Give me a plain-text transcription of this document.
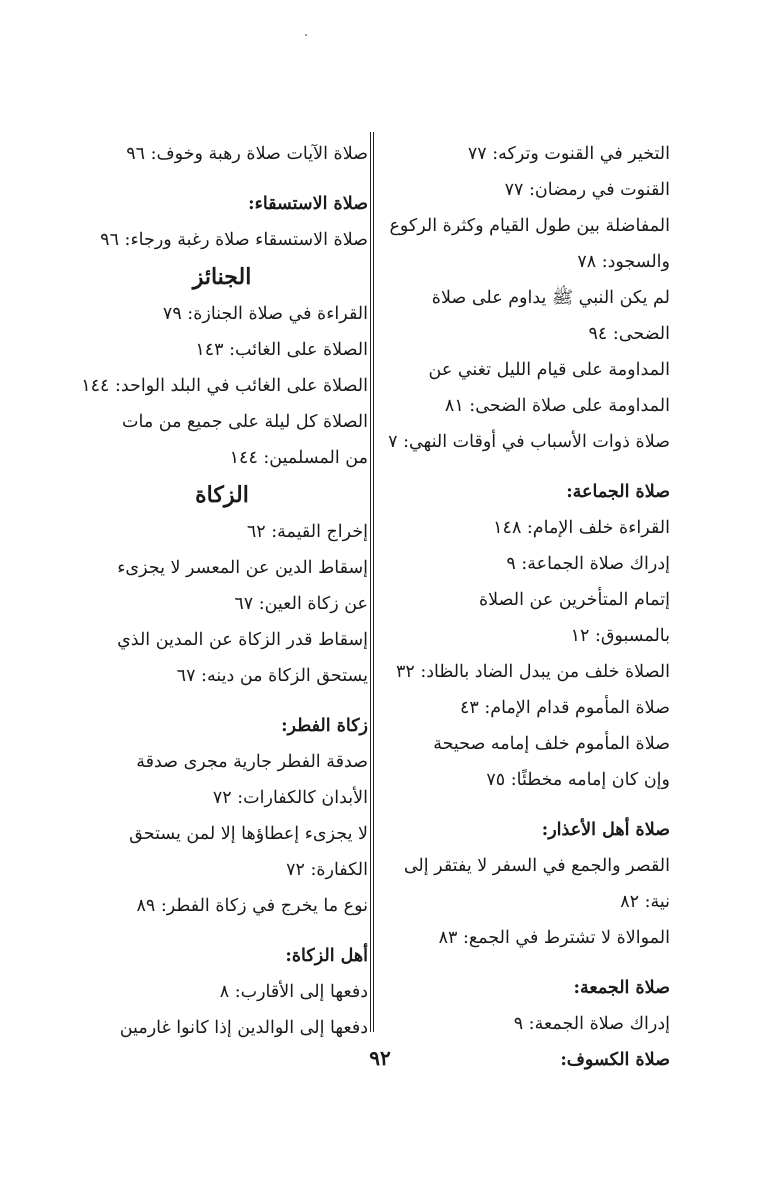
التخير في القنوت وتركه: ٧٧
القنوت في رمضان: ٧٧
المفاضلة بين طول القيام وكثرة الركوع
والسجود: ٧٨
لم يكن النبي ﷺ يداوم على صلاة
الضحى: ٩٤
المداومة على قيام الليل تغني عن
المداومة على صلاة الضحى: ٨١
صلاة ذوات الأسباب في أوقات النهي: ٧
صلاة الجماعة:
القراءة خلف الإمام: ١٤٨
إدراك صلاة الجماعة: ٩
إتمام المتأخرين عن الصلاة
بالمسبوق: ١٢
الصلاة خلف من يبدل الضاد بالظاد: ٣٢
صلاة المأموم قدام الإمام: ٤٣
صلاة المأموم خلف إمامه صحيحة
وإن كان إمامه مخطئًا: ٧٥
صلاة أهل الأعذار:
القصر والجمع في السفر لا يفتقر إلى
نية: ٨٢
الموالاة لا تشترط في الجمع: ٨٣
صلاة الجمعة:
إدراك صلاة الجمعة: ٩
صلاة الكسوف:
صلاة الآيات صلاة رهبة وخوف: ٩٦
صلاة الاستسقاء:
صلاة الاستسقاء صلاة رغبة ورجاء: ٩٦
الجنائز
القراءة في صلاة الجنازة: ٧٩
الصلاة على الغائب: ١٤٣
الصلاة على الغائب في البلد الواحد: ١٤٤
الصلاة كل ليلة على جميع من مات
من المسلمين: ١٤٤
الزكاة
إخراج القيمة: ٦٢
إسقاط الدين عن المعسر لا يجزىء
عن زكاة العين: ٦٧
إسقاط قدر الزكاة عن المدين الذي
يستحق الزكاة من دينه: ٦٧
زكاة الفطر:
صدقة الفطر جارية مجرى صدقة
الأبدان كالكفارات: ٧٢
لا يجزىء إعطاؤها إلا لمن يستحق
الكفارة: ٧٢
نوع ما يخرج في زكاة الفطر: ٨٩
أهل الزكاة:
دفعها إلى الأقارب: ٨
دفعها إلى الوالدين إذا كانوا غارمين
٩٢
